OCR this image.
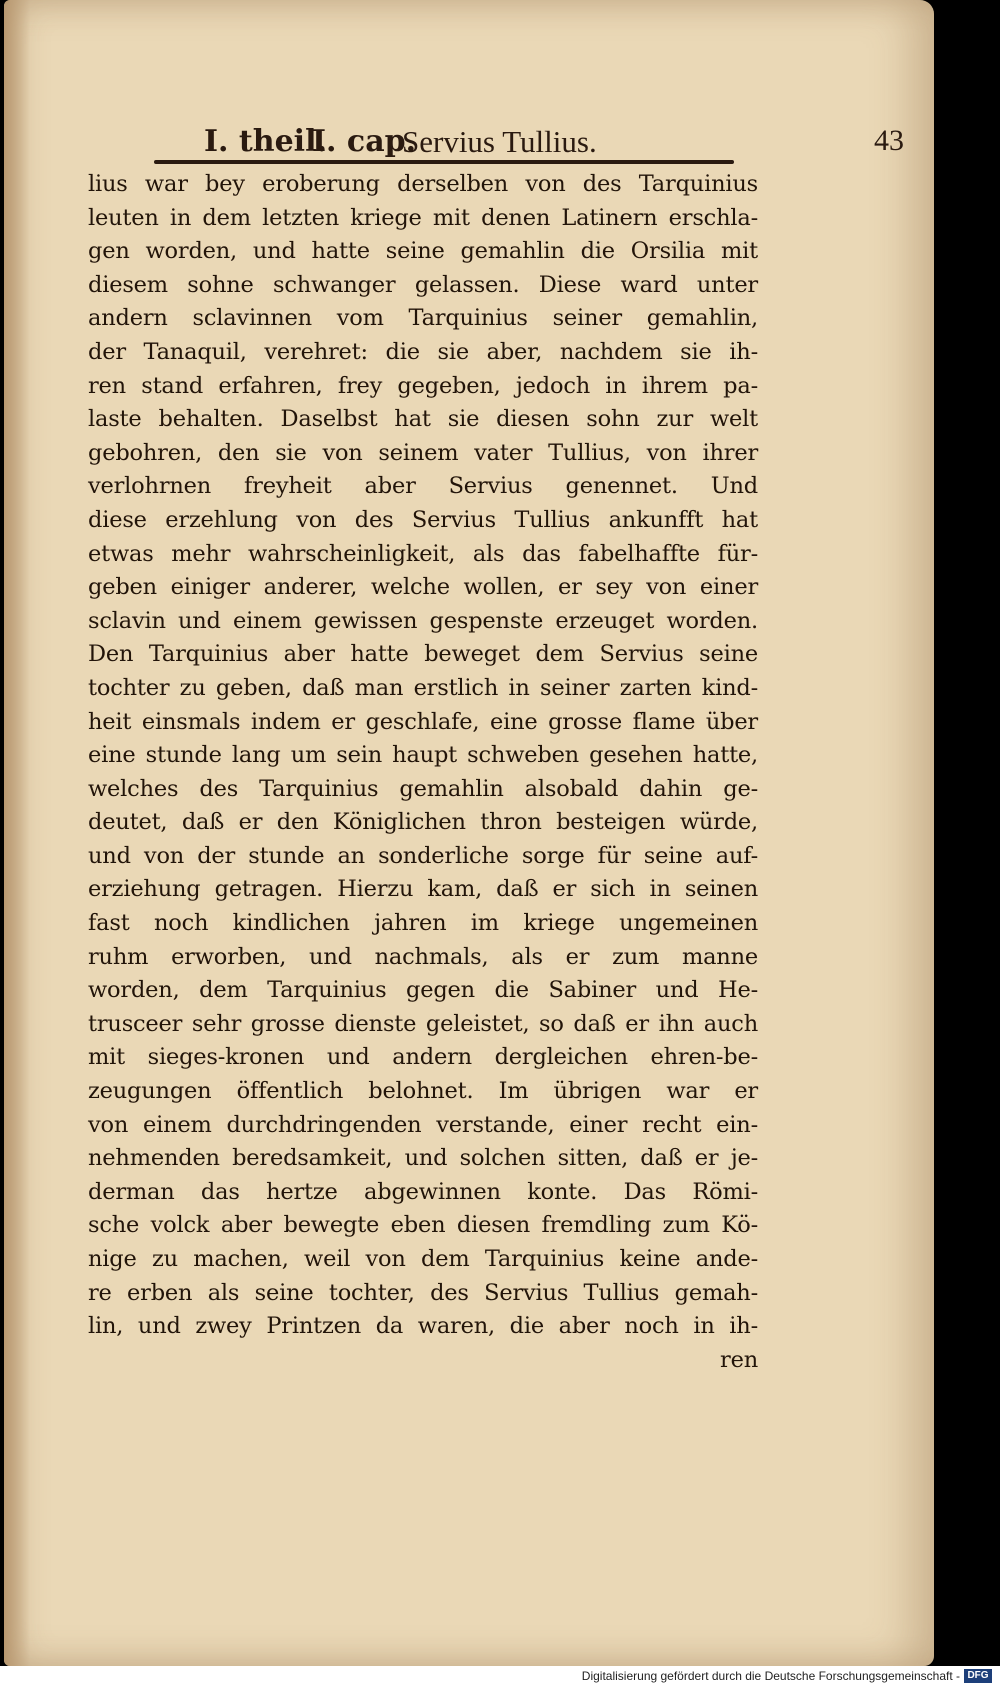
I. theil.
I. cap.
Servius Tullius.	43
lius war bey eroberung derselben von des Tarquinius
leuten in dem letzten kriege mit denen Latinern erschla-
gen worden, und hatte seine gemahlin die Orsilia mit
diesem sohne schwanger gelassen. Diese ward unter
andern sclavinnen vom Tarquinius seiner gemahlin,
der Tanaquil, verehret: die sie aber, nachdem sie ih-
ren stand erfahren, frey gegeben, jedoch in ihrem pa-
laste behalten. Daselbst hat sie diesen sohn zur welt
gebohren, den sie von seinem vater Tullius, von ihrer
verlohrnen freyheit aber Servius genennet. Und
diese erzehlung von des Servius Tullius ankunfft hat
etwas mehr wahrscheinligkeit, als das fabelhaffte für-
geben einiger anderer, welche wollen, er sey von einer
sclavin und einem gewissen gespenste erzeuget worden.
Den Tarquinius aber hatte beweget dem Servius seine
tochter zu geben, daß man erstlich in seiner zarten kind-
heit einsmals indem er geschlafe, eine grosse flame über
eine stunde lang um sein haupt schweben gesehen hatte,
welches des Tarquinius gemahlin alsobald dahin ge-
deutet, daß er den Königlichen thron besteigen würde,
und von der stunde an sonderliche sorge für seine auf-
erziehung getragen. Hierzu kam, daß er sich in seinen
fast noch kindlichen jahren im kriege ungemeinen
ruhm erworben, und nachmals, als er zum manne
worden, dem Tarquinius gegen die Sabiner und He-
trusceer sehr grosse dienste geleistet, so daß er ihn auch
mit sieges-kronen und andern dergleichen ehren-be-
zeugungen öffentlich belohnet. Im übrigen war er
von einem durchdringenden verstande, einer recht ein-
nehmenden beredsamkeit, und solchen sitten, daß er je-
derman das hertze abgewinnen konte. Das Römi-
sche volck aber bewegte eben diesen fremdling zum Kö-
nige zu machen, weil von dem Tarquinius keine ande-
re erben als seine tochter, des Servius Tullius gemah-
lin, und zwey Printzen da waren, die aber noch in ih-
ren
Digitalisierung gefördert durch die Deutsche Forschungsgemeinschaft - DFG
